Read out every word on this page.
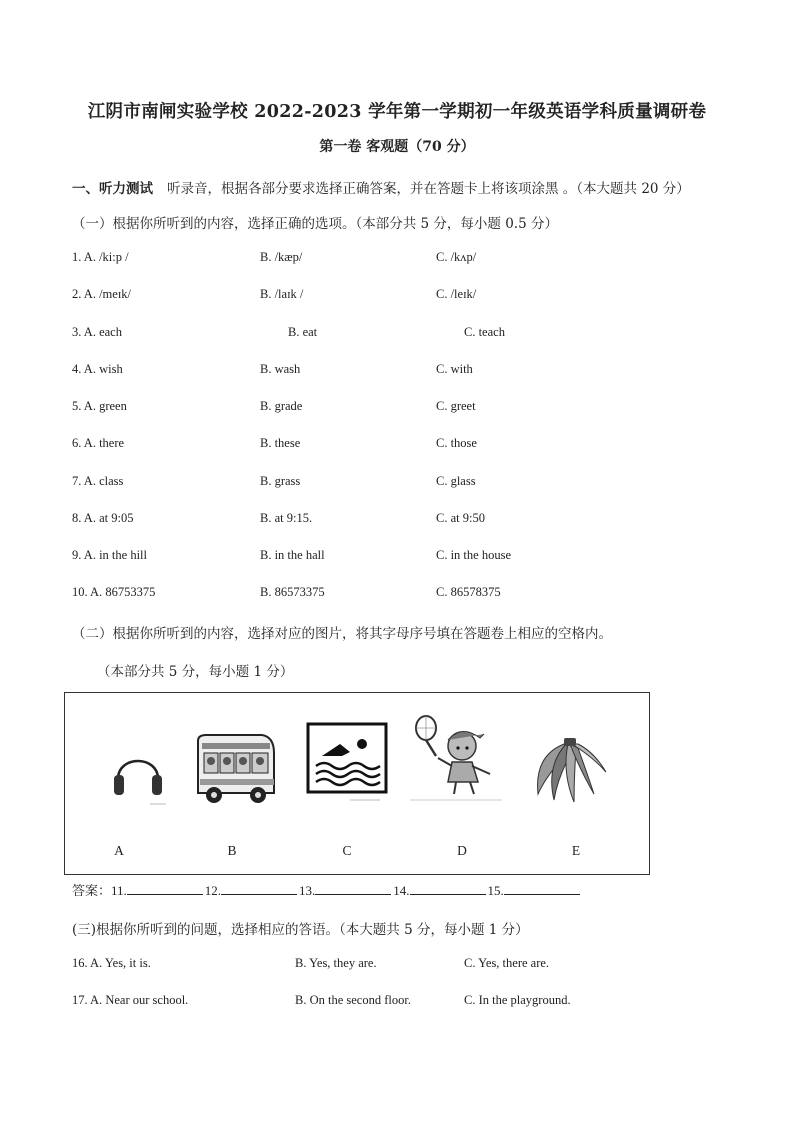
江阴市南闸实验学校 2022-2023 学年第一学期初一年级英语学科质量调研卷
第一卷 客观题（70 分）
一、听力测试 听录音，根据各部分要求选择正确答案，并在答题卡上将该项涂黑 。（本大题共 20 分）
（一）根据你所听到的内容，选择正确的选项。（本部分共 5 分，每小题 0.5 分）
1. A. /ki:p /	B. /kæp/	C. /kʌp/
2. A. /meɪk/	B. /laɪk /	C. /leɪk/
3. A. each	B. eat	C. teach
4. A. wish	B. wash	C. with
5. A. green	B. grade	C. greet
6. A. there	B. these	C. those
7. A. class	B. grass	C. glass
8. A. at 9:05	B. at 9:15.	C. at 9:50
9. A. in the hill	B. in the hall	C. in the house
10. A. 86753375	B. 86573375	C. 86578375
（二）根据你所听到的内容，选择对应的图片，将其字母序号填在答题卷上相应的空格内。
（本部分共 5 分，每小题 1 分）
A	B	C	D	E
答案：11.	12.	13.	14.	15.
(三)根据你所听到的问题，选择相应的答语。（本大题共 5 分，每小题 1 分）
16. A. Yes, it is.	B. Yes, they are.	C. Yes, there are.
17. A. Near our school.	B. On the second floor.	C. In the playground.
